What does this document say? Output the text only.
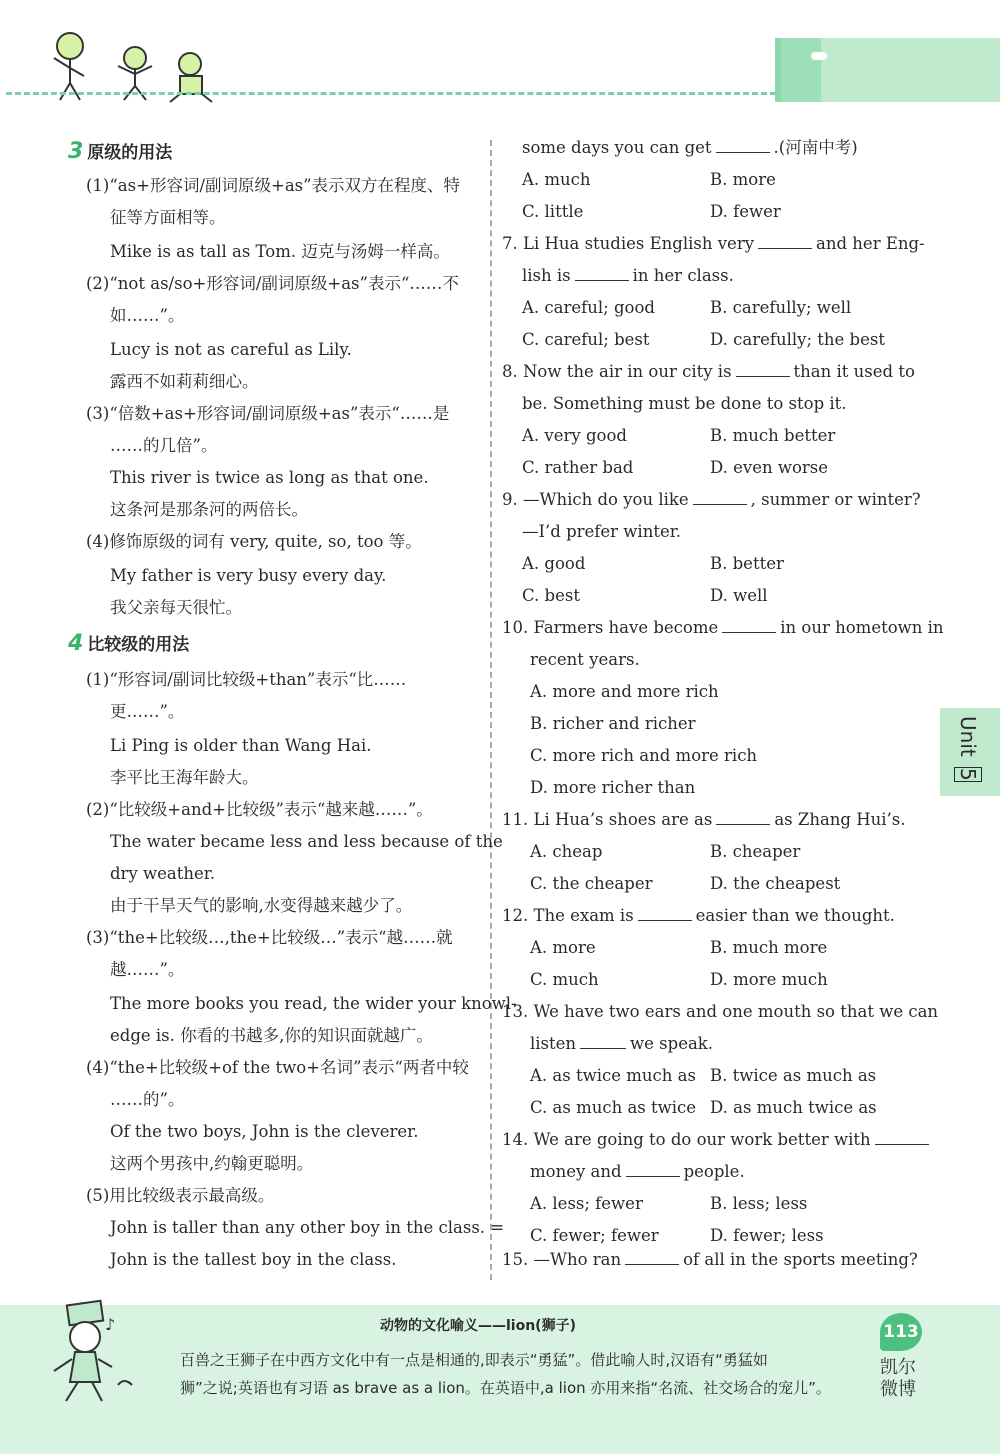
3 原级的用法
(1)“as+形容词/副词原级+as”表示双方在程度、特
征等方面相等。
Mike is as tall as Tom. 迈克与汤姆一样高。
(2)“not as/so+形容词/副词原级+as”表示“……不
如……”。
Lucy is not as careful as Lily.
露西不如莉莉细心。
(3)“倍数+as+形容词/副词原级+as”表示“……是
……的几倍”。
This river is twice as long as that one.
这条河是那条河的两倍长。
(4)修饰原级的词有 very, quite, so, too 等。
My father is very busy every day.
我父亲每天很忙。
4 比较级的用法
(1)“形容词/副词比较级+than”表示“比……
更……”。
Li Ping is older than Wang Hai.
李平比王海年龄大。
(2)“比较级+and+比较级”表示“越来越……”。
The water became less and less because of the
dry weather.
由于干旱天气的影响,水变得越来越少了。
(3)“the+比较级…,the+比较级…”表示“越……就
越……”。
The more books you read, the wider your knowl-
edge is. 你看的书越多,你的知识面就越广。
(4)“the+比较级+of the two+名词”表示“两者中较
……的”。
Of the two boys, John is the cleverer.
这两个男孩中,约翰更聪明。
(5)用比较级表示最高级。
John is taller than any other boy in the class. =
John is the tallest boy in the class.
some days you can get	.(河南中考)
A. much	B. more
C. little	D. fewer
7. Li Hua studies English very	and her Eng-
lish is	in her class.
A. careful; good	B. carefully; well
C. careful; best	D. carefully; the best
8. Now the air in our city is	than it used to
be. Something must be done to stop it.
A. very good	B. much better
C. rather bad	D. even worse
9. —Which do you like	, summer or winter?
—I’d prefer winter.
A. good	B. better
C. best	D. well
10. Farmers have become	in our hometown in
recent years.
A. more and more rich
B. richer and richer
C. more rich and more rich
D. more richer than
11. Li Hua’s shoes are as	as Zhang Hui’s.
A. cheap	B. cheaper
C. the cheaper	D. the cheapest
12. The exam is	easier than we thought.
A. more	B. much more
C. much	D. more much
13. We have two ears and one mouth so that we can
listen	we speak.
A. as twice much as B. twice as much as
C. as much as twice D. as much twice as
14. We are going to do our work better with
money and	people.
A. less; fewer	B. less; less
C. fewer; fewer	D. fewer; less
15. —Who ran	of all in the sports meeting?
Unit 5
♪	动物的文化喻义——lion(狮子)
百兽之王狮子在中西方文化中有一点是相通的,即表示“勇猛”。借此喻人时,汉语有“勇猛如
狮”之说;英语也有习语 as brave as a lion。在英语中,a lion 亦用来指“名流、社交场合的宠儿”。
113
凯尔
微博
